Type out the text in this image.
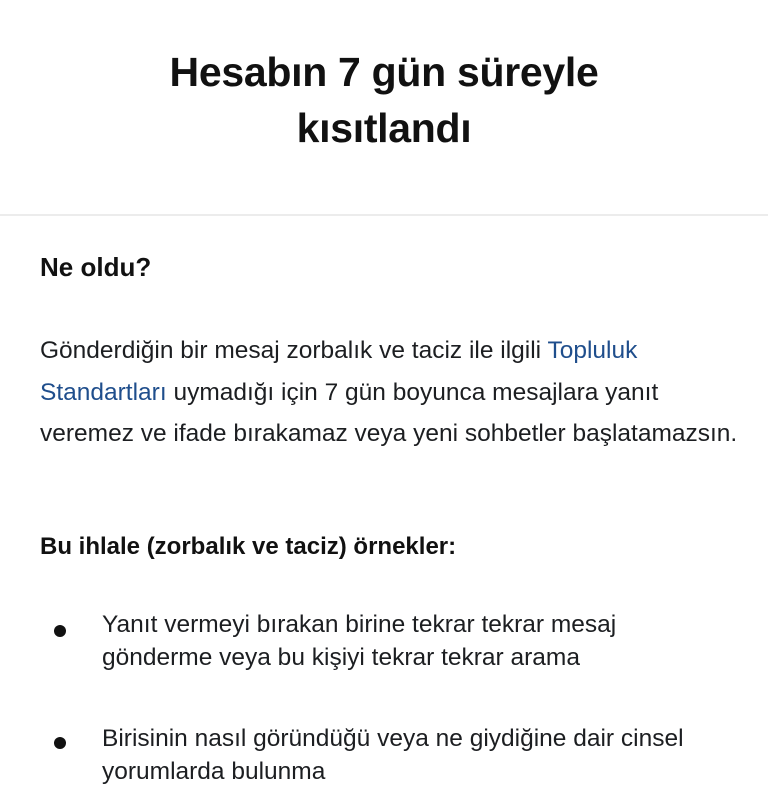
Hesabın 7 gün süreyle kısıtlandı
Ne oldu?

Gönderdiğin bir mesaj zorbalık ve taciz ile ilgili Topluluk Standartları uymadığı için 7 gün boyunca mesajlara yanıt veremez ve ifade bırakamaz veya yeni sohbetler başlatamazsın.

Bu ihlale (zorbalık ve taciz) örnekler:
Yanıt vermeyi bırakan birine tekrar tekrar mesaj gönderme veya bu kişiyi tekrar tekrar arama
Birisinin nasıl göründüğü veya ne giydiğine dair cinsel yorumlarda bulunma
